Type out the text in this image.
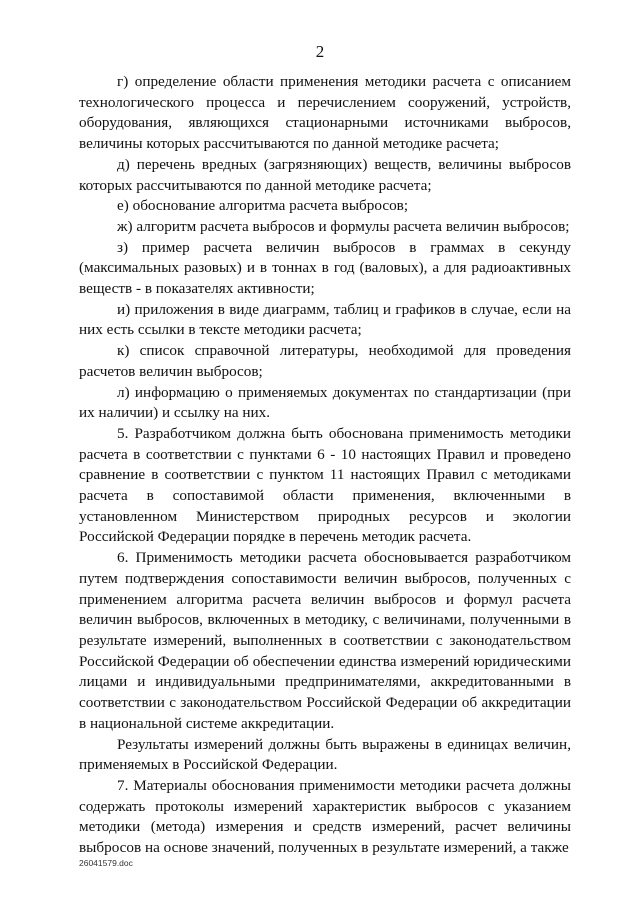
2

г) определение области применения методики расчета с описанием технологического процесса и перечислением сооружений, устройств, оборудования, являющихся стационарными источниками выбросов, величины которых рассчитываются по данной методике расчета;

д) перечень вредных (загрязняющих) веществ, величины выбросов которых рассчитываются по данной методике расчета;

е) обоснование алгоритма расчета выбросов;

ж) алгоритм расчета выбросов и формулы расчета величин выбросов;

з) пример расчета величин выбросов в граммах в секунду (максимальных разовых) и в тоннах в год (валовых), а для радиоактивных веществ - в показателях активности;

и) приложения в виде диаграмм, таблиц и графиков в случае, если на них есть ссылки в тексте методики расчета;

к) список справочной литературы, необходимой для проведения расчетов величин выбросов;

л) информацию о применяемых документах по стандартизации (при их наличии) и ссылку на них.

5. Разработчиком должна быть обоснована применимость методики расчета в соответствии с пунктами 6 - 10 настоящих Правил и проведено сравнение в соответствии с пунктом 11 настоящих Правил с методиками расчета в сопоставимой области применения, включенными в установленном Министерством природных ресурсов и экологии Российской Федерации порядке в перечень методик расчета.

6. Применимость методики расчета обосновывается разработчиком путем подтверждения сопоставимости величин выбросов, полученных с применением алгоритма расчета величин выбросов и формул расчета величин выбросов, включенных в методику, с величинами, полученными в результате измерений, выполненных в соответствии с законодательством Российской Федерации об обеспечении единства измерений юридическими лицами и индивидуальными предпринимателями, аккредитованными в соответствии с законодательством Российской Федерации об аккредитации в национальной системе аккредитации.

Результаты измерений должны быть выражены в единицах величин, применяемых в Российской Федерации.

7. Материалы обоснования применимости методики расчета должны содержать протоколы измерений характеристик выбросов с указанием методики (метода) измерения и средств измерений, расчет величины выбросов на основе значений, полученных в результате измерений, а также

26041579.doc
